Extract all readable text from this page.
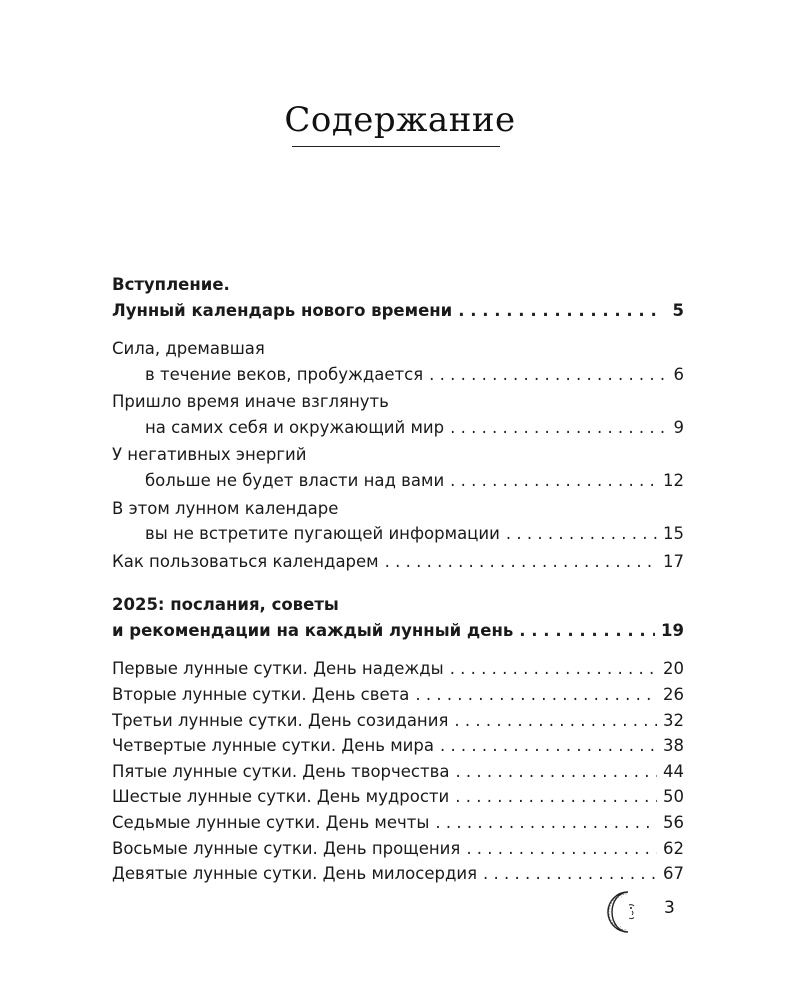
Содержание
Вступление.
Лунный календарь нового времени . . .	5
Сила, дремавшая
в течение веков, пробуждается . . .	6
Пришло время иначе взглянуть
на самих себя и окружающий мир . . .	9
У негативных энергий
больше не будет власти над вами . . .	12
В этом лунном календаре
вы не встретите пугающей информации . . .	15
Как пользоваться календарем . . .	17
2025: послания, советы
и рекомендации на каждый лунный день . . .	19
Первые лунные сутки. День надежды . . .	20
Вторые лунные сутки. День света . . .	26
Третьи лунные сутки. День созидания . . .	32
Четвертые лунные сутки. День мира . . .	38
Пятые лунные сутки. День творчества . . .	44
Шестые лунные сутки. День мудрости . . .	50
Седьмые лунные сутки. День мечты . . .	56
Восьмые лунные сутки. День прощения . . .	62
Девятые лунные сутки. День милосердия . . .	67
3
